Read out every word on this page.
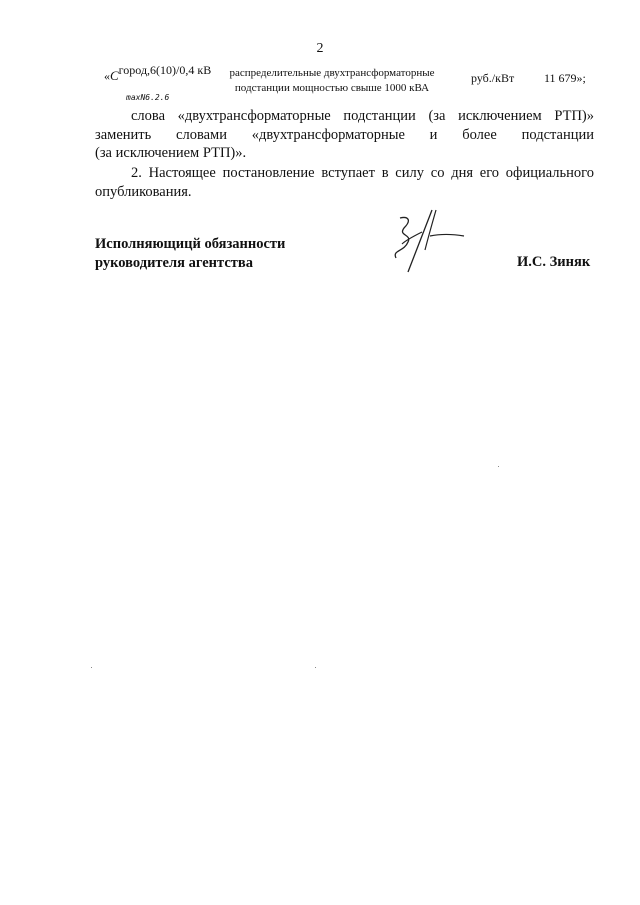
2
«Cгород,6(10)/0,4 кВ
$_{maxN6.2.6}$
распределительные двухтрансформаторные
подстанции мощностью свыше 1000 кВА
руб./кВт 11 679»;
слова «двухтрансформаторные подстанции (за исключением РТП)»
заменить словами «двухтрансформаторные и более подстанции
(за исключением РТП)».
2. Настоящее постановление вступает в силу со дня его официального
опубликования.
Исполняющицй обязанности
руководителя агентства	И.С. Зиняк
